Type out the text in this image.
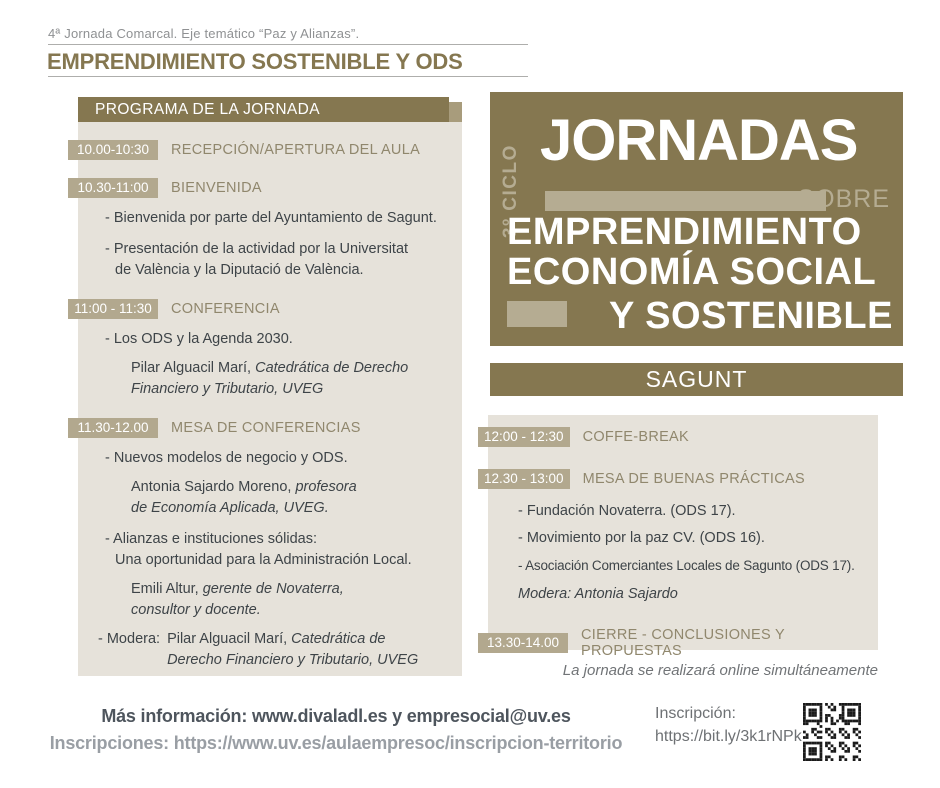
4ª Jornada Comarcal. Eje temático “Paz y Alianzas”.
EMPRENDIMIENTO SOSTENIBLE Y ODS
PROGRAMA DE LA JORNADA
10.00-10:30	RECEPCIÓN/APERTURA DEL AULA
10.30-11:00	BIENVENIDA
- Bienvenida por parte del Ayuntamiento de Sagunt.
- Presentación de la actividad por la Universitat
de València y la Diputació de València.
11:00 - 11:30	CONFERENCIA
- Los ODS y la Agenda 2030.
Pilar Alguacil Marí, Catedrática de Derecho
Financiero y Tributario, UVEG
11.30-12.00	MESA DE CONFERENCIAS
- Nuevos modelos de negocio y ODS.
Antonia Sajardo Moreno, profesora
de Economía Aplicada, UVEG.
- Alianzas e instituciones sólidas:
Una oportunidad para la Administración Local.
Emili Altur, gerente de Novaterra,
consultor y docente.
- Modera: Pilar Alguacil Marí, Catedrática de
Derecho Financiero y Tributario, UVEG
3º CICLO
JORNADAS
SOBRE
EMPRENDIMIENTO
ECONOMÍA SOCIAL
Y SOSTENIBLE
SAGUNT
12:00 - 12:30	COFFE-BREAK
12.30 - 13:00	MESA DE BUENAS PRÁCTICAS
- Fundación Novaterra. (ODS 17).
- Movimiento por la paz CV. (ODS 16).
- Asociación Comerciantes Locales de Sagunto (ODS 17).
Modera: Antonia Sajardo
13.30-14.00	CIERRE - CONCLUSIONES Y PROPUESTAS
La jornada se realizará online simultáneamente
Más información: www.divaladl.es y empresocial@uv.es
Inscripciones: https://www.uv.es/aulaempresoc/inscripcion-territorio
Inscripción:
https://bit.ly/3k1rNPk
